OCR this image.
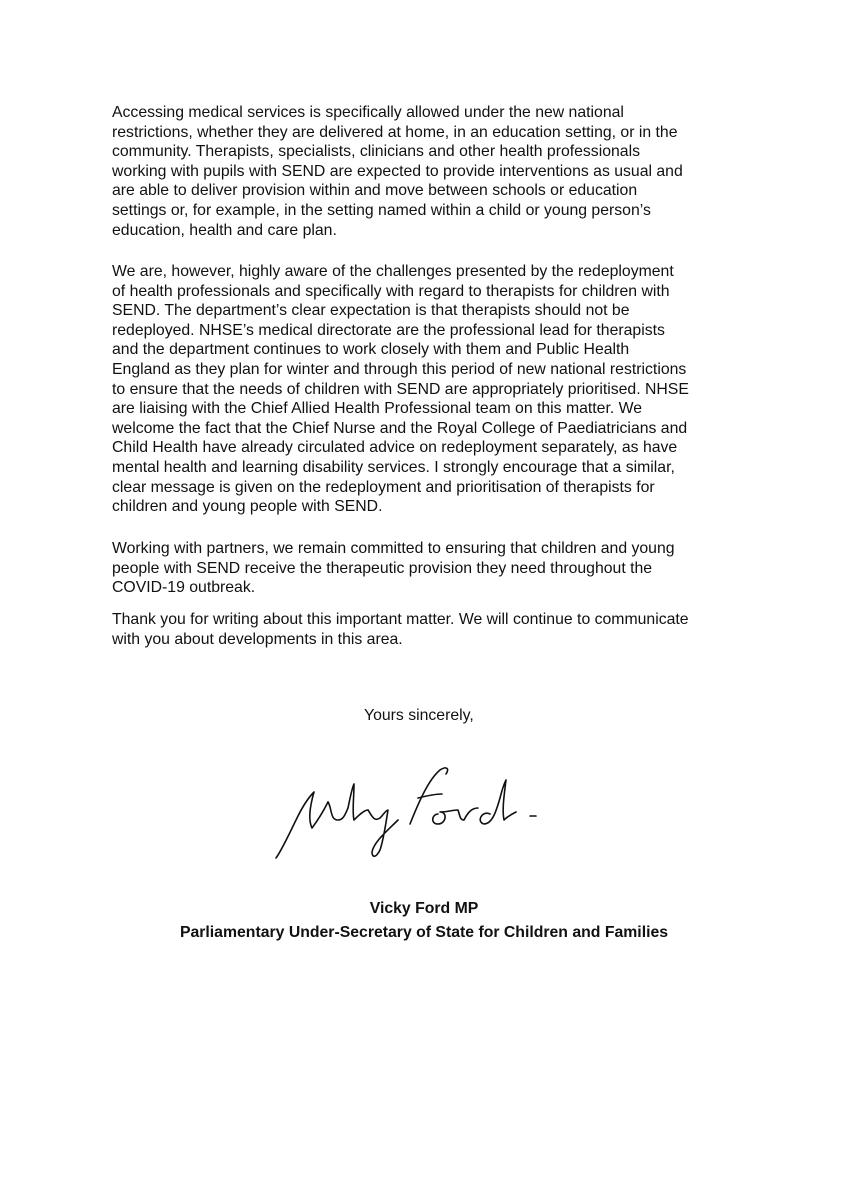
Accessing medical services is specifically allowed under the new national
restrictions, whether they are delivered at home, in an education setting, or in the
community. Therapists, specialists, clinicians and other health professionals
working with pupils with SEND are expected to provide interventions as usual and
are able to deliver provision within and move between schools or education
settings or, for example, in the setting named within a child or young person’s
education, health and care plan.

We are, however, highly aware of the challenges presented by the redeployment
of health professionals and specifically with regard to therapists for children with
SEND. The department’s clear expectation is that therapists should not be
redeployed. NHSE’s medical directorate are the professional lead for therapists
and the department continues to work closely with them and Public Health
England as they plan for winter and through this period of new national restrictions
to ensure that the needs of children with SEND are appropriately prioritised. NHSE
are liaising with the Chief Allied Health Professional team on this matter. We
welcome the fact that the Chief Nurse and the Royal College of Paediatricians and
Child Health have already circulated advice on redeployment separately, as have
mental health and learning disability services. I strongly encourage that a similar,
clear message is given on the redeployment and prioritisation of therapists for
children and young people with SEND.

Working with partners, we remain committed to ensuring that children and young
people with SEND receive the therapeutic provision they need throughout the
COVID-19 outbreak.

Thank you for writing about this important matter. We will continue to communicate
with you about developments in this area.

Yours sincerely,
Vicky Ford MP
Parliamentary Under-Secretary of State for Children and Families
